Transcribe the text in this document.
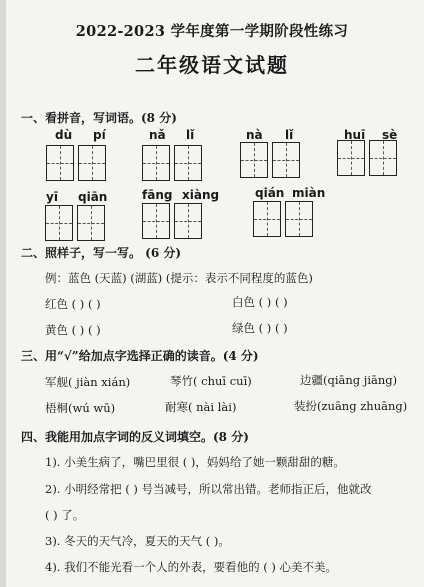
2022-2023 学年度第一学期阶段性练习
二年级语文试题
一、看拼音，写词语。(8 分)
dù pí	nǎ lǐ	nà lǐ	huī sè
yī qiān	fāng xiàng	qián miàn
二、照样子，写一写。 (6 分)
例：蓝色 (天蓝) (湖蓝) (提示：表示不同程度的蓝色)
红色 ( ) ( )	白色 ( ) ( )
黄色 ( ) ( )	绿色 ( ) ( )
三、用“√”给加点字选择正确的读音。(4 分)
军舰( jiàn xián)	琴竹( chuī cuī)	边疆(qiāng jiāng)
梧桐(wú wū)	耐寒( nài lài)	装扮(zuāng zhuāng)
四、我能用加点字词的反义词填空。(8 分)
1). 小美生病了，嘴巴里很 ( )，妈妈给了她一颗甜甜的糖。
2). 小明经常把 ( ) 号当减号，所以常出错。老师指正后，他就改
( ) 了。
3). 冬天的天气冷，夏天的天气 ( )。
4). 我们不能光看一个人的外表，要看他的 ( ) 心美不美。
